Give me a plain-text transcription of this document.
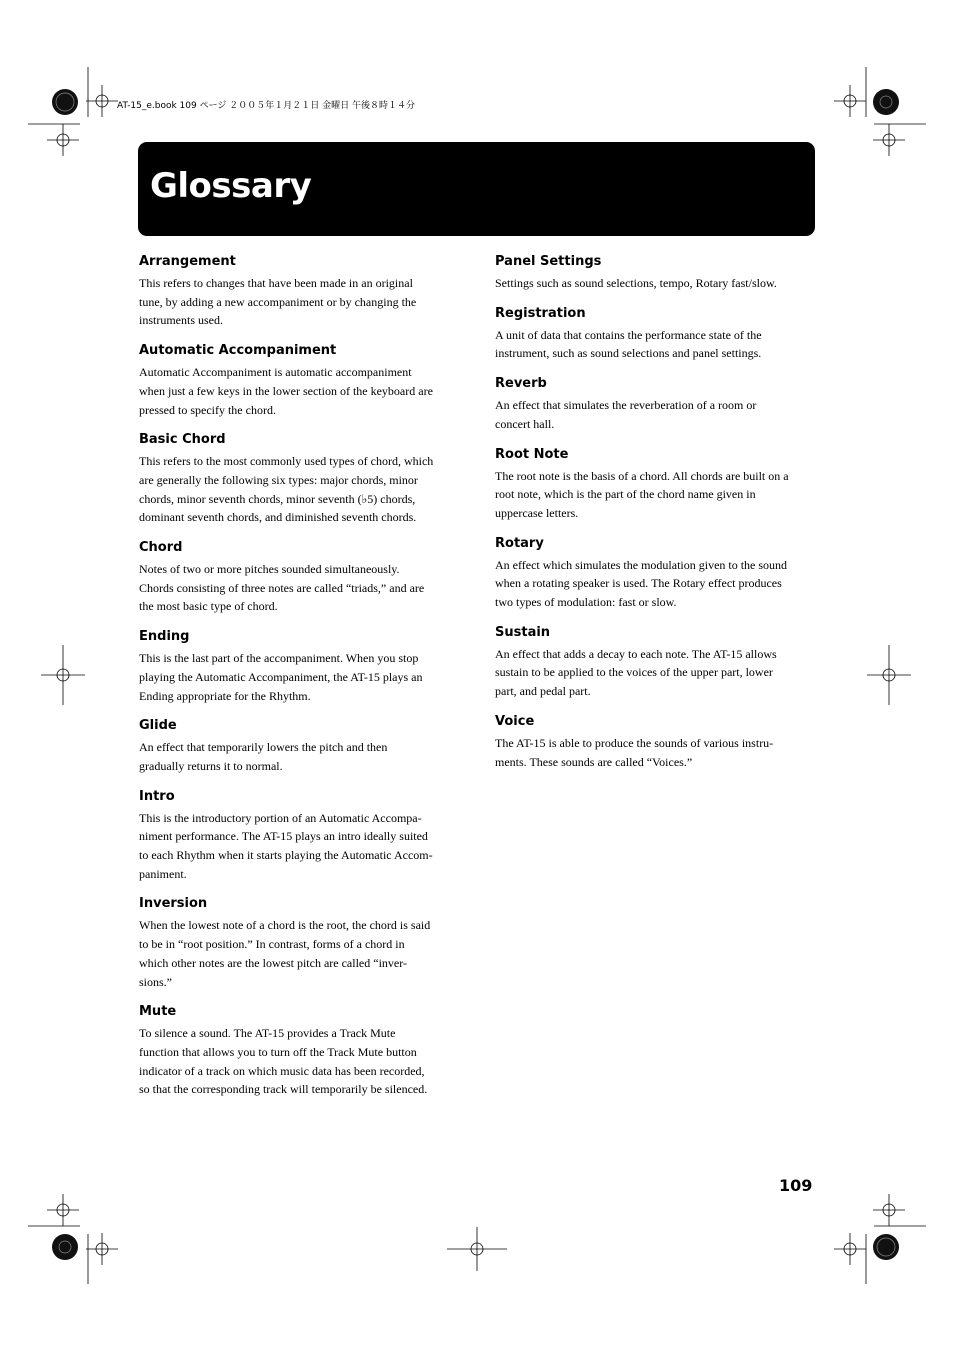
AT-15_e.book 109 ページ ２００５年１月２１日 金曜日 午後８時１４分
Glossary
Arrangement

This refers to changes that have been made in an original
tune, by adding a new accompaniment or by changing the
instruments used.

Automatic Accompaniment

Automatic Accompaniment is automatic accompaniment
when just a few keys in the lower section of the keyboard are
pressed to specify the chord.

Basic Chord

This refers to the most commonly used types of chord, which
are generally the following six types: major chords, minor
chords, minor seventh chords, minor seventh (♭5) chords,
dominant seventh chords, and diminished seventh chords.

Chord

Notes of two or more pitches sounded simultaneously.
Chords consisting of three notes are called “triads,” and are
the most basic type of chord.

Ending

This is the last part of the accompaniment. When you stop
playing the Automatic Accompaniment, the AT-15 plays an
Ending appropriate for the Rhythm.

Glide

An effect that temporarily lowers the pitch and then
gradually returns it to normal.

Intro

This is the introductory portion of an Automatic Accompa-
niment performance. The AT-15 plays an intro ideally suited
to each Rhythm when it starts playing the Automatic Accom-
paniment.

Inversion

When the lowest note of a chord is the root, the chord is said
to be in “root position.” In contrast, forms of a chord in
which other notes are the lowest pitch are called “inver-
sions.”

Mute

To silence a sound. The AT-15 provides a Track Mute
function that allows you to turn off the Track Mute button
indicator of a track on which music data has been recorded,
so that the corresponding track will temporarily be silenced.

Panel Settings

Settings such as sound selections, tempo, Rotary fast/slow.

Registration

A unit of data that contains the performance state of the
instrument, such as sound selections and panel settings.

Reverb

An effect that simulates the reverberation of a room or
concert hall.

Root Note

The root note is the basis of a chord. All chords are built on a
root note, which is the part of the chord name given in
uppercase letters.

Rotary

An effect which simulates the modulation given to the sound
when a rotating speaker is used. The Rotary effect produces
two types of modulation: fast or slow.

Sustain

An effect that adds a decay to each note. The AT-15 allows
sustain to be applied to the voices of the upper part, lower
part, and pedal part.

Voice

The AT-15 is able to produce the sounds of various instru-
ments. These sounds are called “Voices.”

109
